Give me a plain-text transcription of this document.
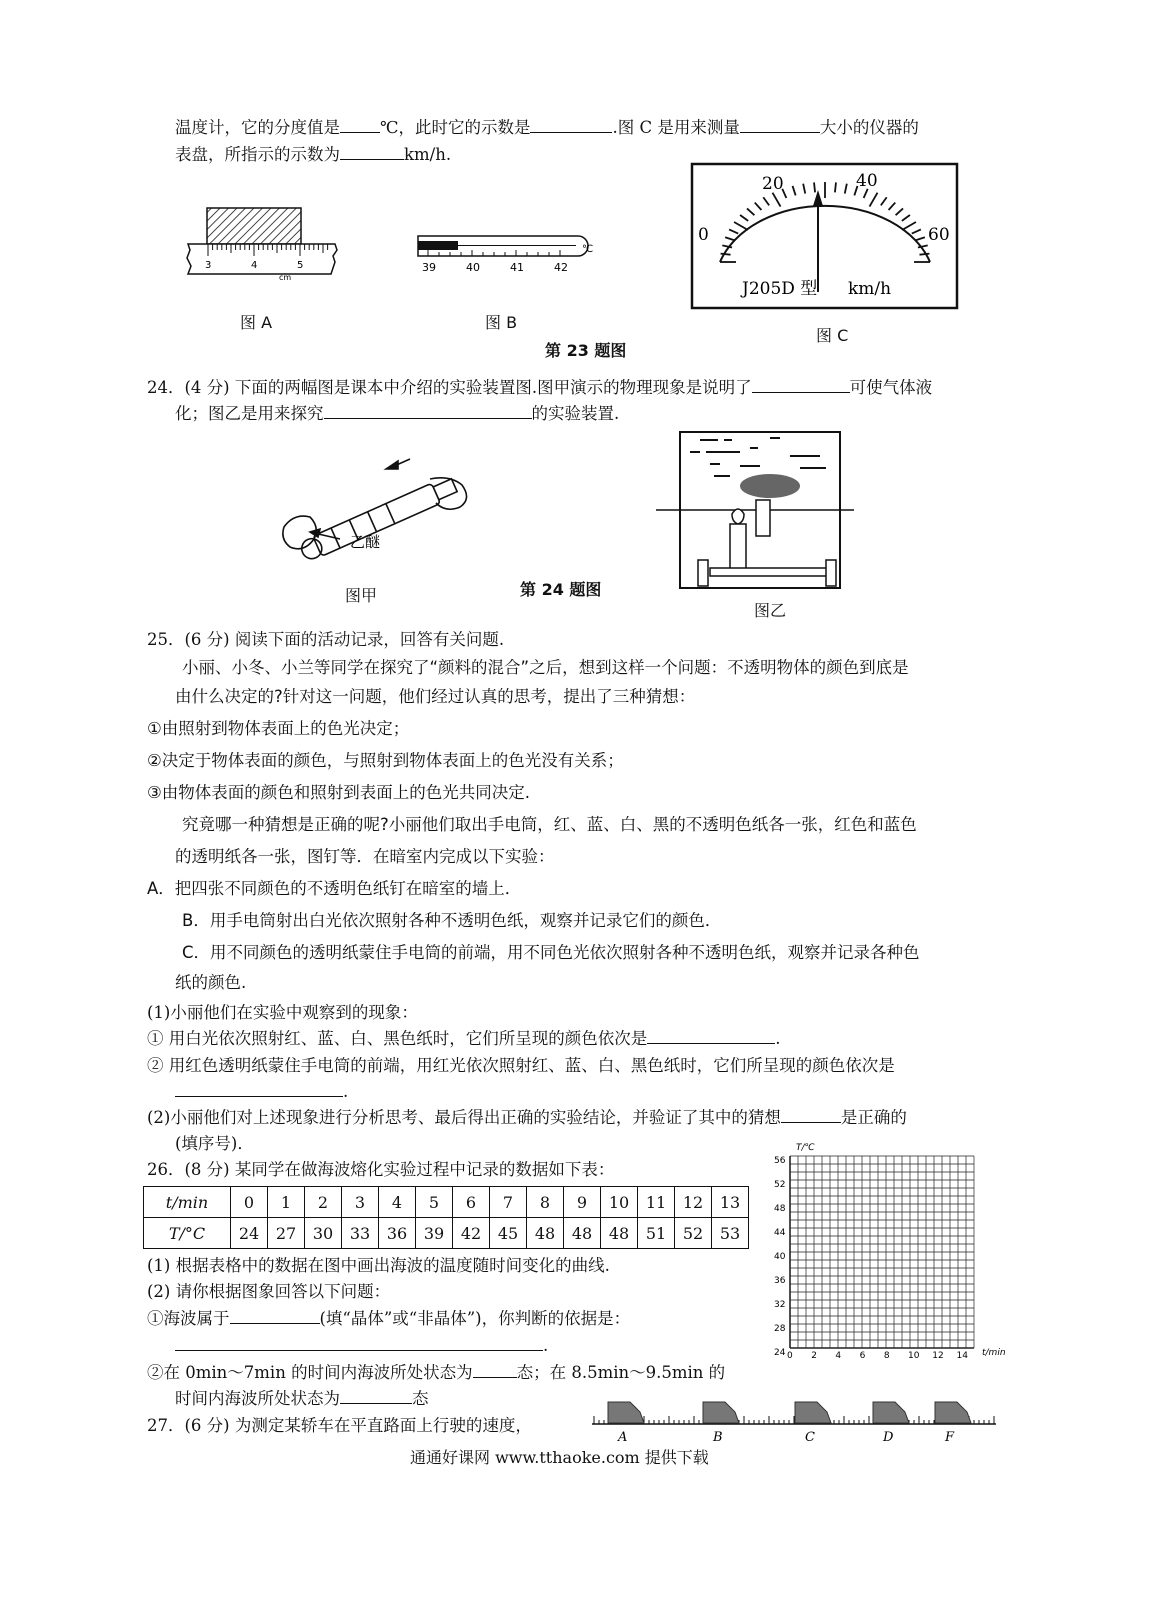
温度计，它的分度值是 ℃，此时它的示数是	.图 C 是用来测量	大小的仪器的
表盘，所指示的示数为	km/h.
3	4	5
cm
图 A
39	40	41	42
℃
图 B
0
20	40
60
J205D 型 km/h
图 C
第 23 题图
24．(4 分) 下面的两幅图是课本中介绍的实验装置图.图甲演示的物理现象是说明了	可使气体液
化；图乙是用来探究	的实验装置.
乙醚
图甲	第 24 题图
图乙
25．(6 分) 阅读下面的活动记录，回答有关问题.
小丽、小冬、小兰等同学在探究了“颜料的混合”之后，想到这样一个问题：不透明物体的颜色到底是
由什么决定的?针对这一问题，他们经过认真的思考，提出了三种猜想：
①由照射到物体表面上的色光决定；
②决定于物体表面的颜色，与照射到物体表面上的色光没有关系；
③由物体表面的颜色和照射到表面上的色光共同决定.
究竟哪一种猜想是正确的呢?小丽他们取出手电筒，红、蓝、白、黑的不透明色纸各一张，红色和蓝色
的透明纸各一张，图钉等．在暗室内完成以下实验：
A．把四张不同颜色的不透明色纸钉在暗室的墙上．
B．用手电筒射出白光依次照射各种不透明色纸，观察并记录它们的颜色．
C．用不同颜色的透明纸蒙住手电筒的前端，用不同色光依次照射各种不透明色纸，观察并记录各种色
纸的颜色.
(1)小丽他们在实验中观察到的现象：
① 用白光依次照射红、蓝、白、黑色纸时，它们所呈现的颜色依次是	.
② 用红色透明纸蒙住手电筒的前端，用红光依次照射红、蓝、白、黑色纸时，它们所呈现的颜色依次是
.
(2)小丽他们对上述现象进行分析思考、最后得出正确的实验结论，并验证了其中的猜想	是正确的
(填序号)．
26．(8 分) 某同学在做海波熔化实验过程中记录的数据如下表：
t/min	0	1	2	3	4	5	6	7	8	9	10	11	12	13
T/°C	24	27	30	33	36	39	42	45	48	48	48	51	52	53
(1) 根据表格中的数据在图中画出海波的温度随时间变化的曲线.
(2) 请你根据图象回答以下问题：
①海波属于	(填“晶体”或“非晶体”)，你判断的依据是：
.
②在 0min～7min 的时间内海波所处状态为	态；在 8.5min～9.5min 的
时间内海波所处状态为	态
T/℃
t/min
56
52
48
44
40
36
32
28
24 0 2 4 6 8 10 12 14
27．(6 分) 为测定某轿车在平直路面上行驶的速度，
A	B	C	D	F
通通好课网 www.tthaoke.com 提供下载
